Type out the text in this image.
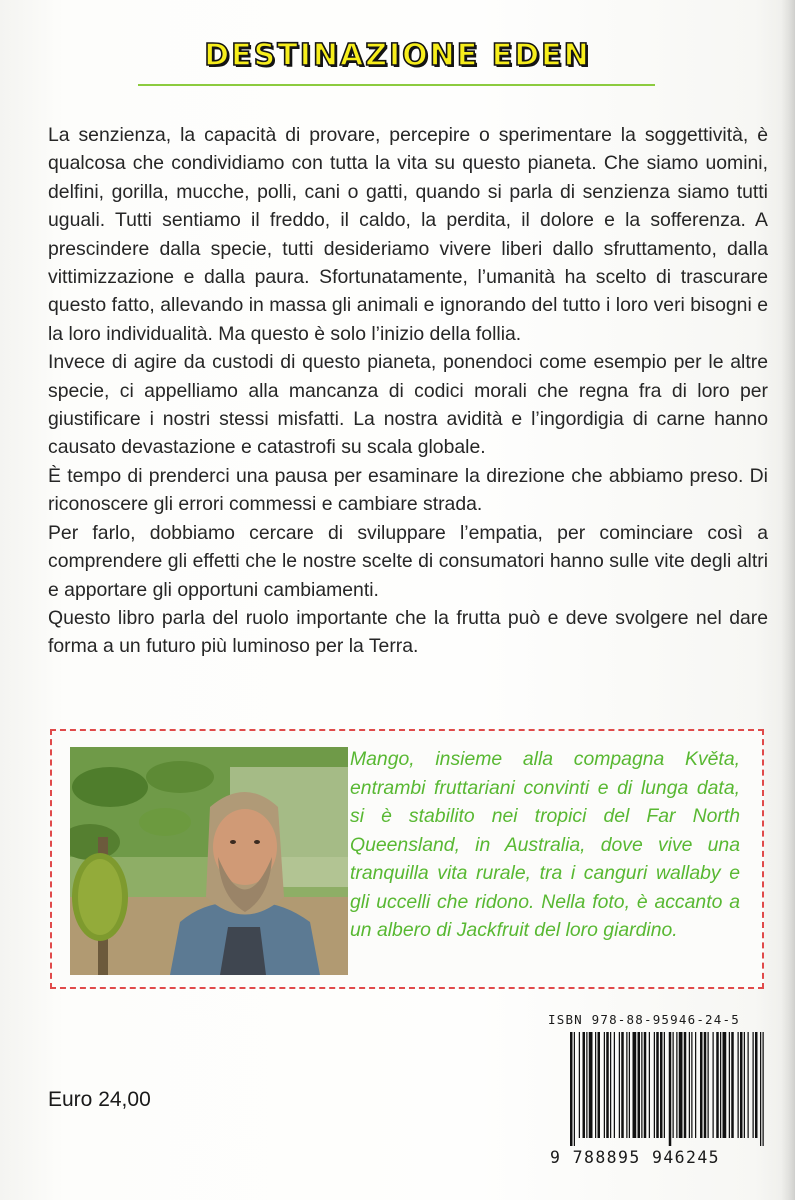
DESTINAZIONE EDEN

La senzienza, la capacità di provare, percepire o sperimentare la soggettività, è qualcosa che condividiamo con tutta la vita su questo pianeta. Che siamo uomini, delfini, gorilla, mucche, polli, cani o gatti, quando si parla di senzienza siamo tutti uguali. Tutti sentiamo il freddo, il caldo, la perdita, il dolore e la sofferenza. A prescindere dalla specie, tutti desideriamo vivere liberi dallo sfruttamento, dalla vittimizzazione e dalla paura. Sfortunatamente, l’umanità ha scelto di trascurare questo fatto, allevando in massa gli animali e ignorando del tutto i loro veri bisogni e la loro individualità. Ma questo è solo l’inizio della follia.

Invece di agire da custodi di questo pianeta, ponendoci come esempio per le altre specie, ci appelliamo alla mancanza di codici morali che regna fra di loro per giustificare i nostri stessi misfatti. La nostra avidità e l’ingordigia di carne hanno causato devastazione e catastrofi su scala globale.

È tempo di prenderci una pausa per esaminare la direzione che abbiamo preso. Di riconoscere gli errori commessi e cambiare strada.

Per farlo, dobbiamo cercare di sviluppare l’empatia, per cominciare così a comprendere gli effetti che le nostre scelte di consumatori hanno sulle vite degli altri e apportare gli opportuni cambiamenti.

Questo libro parla del ruolo importante che la frutta può e deve svolgere nel dare forma a un futuro più luminoso per la Terra.

Mango, insieme alla compagna Květa, entrambi fruttariani convinti e di lunga data, si è stabilito nei tropici del Far North Queensland, in Australia, dove vive una tranquilla vita rurale, tra i canguri wallaby e gli uccelli che ridono. Nella foto, è accanto a un albero di Jackfruit del loro giardino.
ISBN 978-88-95946-24-5
9 788895 946245
Euro 24,00
